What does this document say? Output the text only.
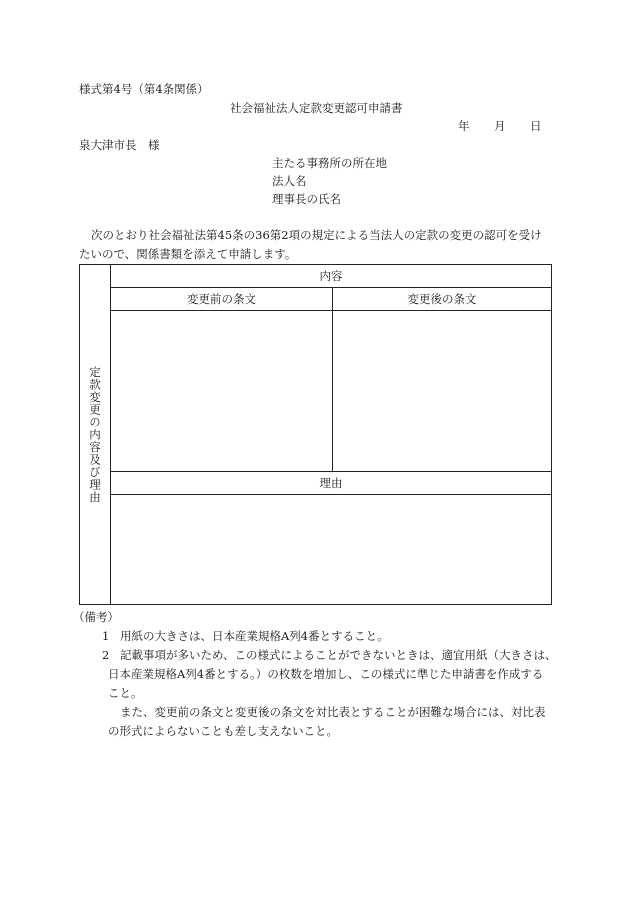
様式第4号（第4条関係）
社会福祉法人定款変更認可申請書
年 月 日
泉大津市長　様
主たる事務所の所在地
法人名
理事長の氏名
次のとおり社会福祉法第45条の36第2項の規定による当法人の定款の変更の認可を受け
たいので、関係書類を添えて申請します。
定款変更の内容及び理由
内容
変更前の条文	変更後の条文
理由
（備考）
1 用紙の大きさは、日本産業規格A列4番とすること。
2 記載事項が多いため、この様式によることができないときは、適宜用紙（大きさは、
日本産業規格A列4番とする。）の枚数を増加し、この様式に準じた申請書を作成する
こと。
また、変更前の条文と変更後の条文を対比表とすることが困難な場合には、対比表
の形式によらないことも差し支えないこと。
